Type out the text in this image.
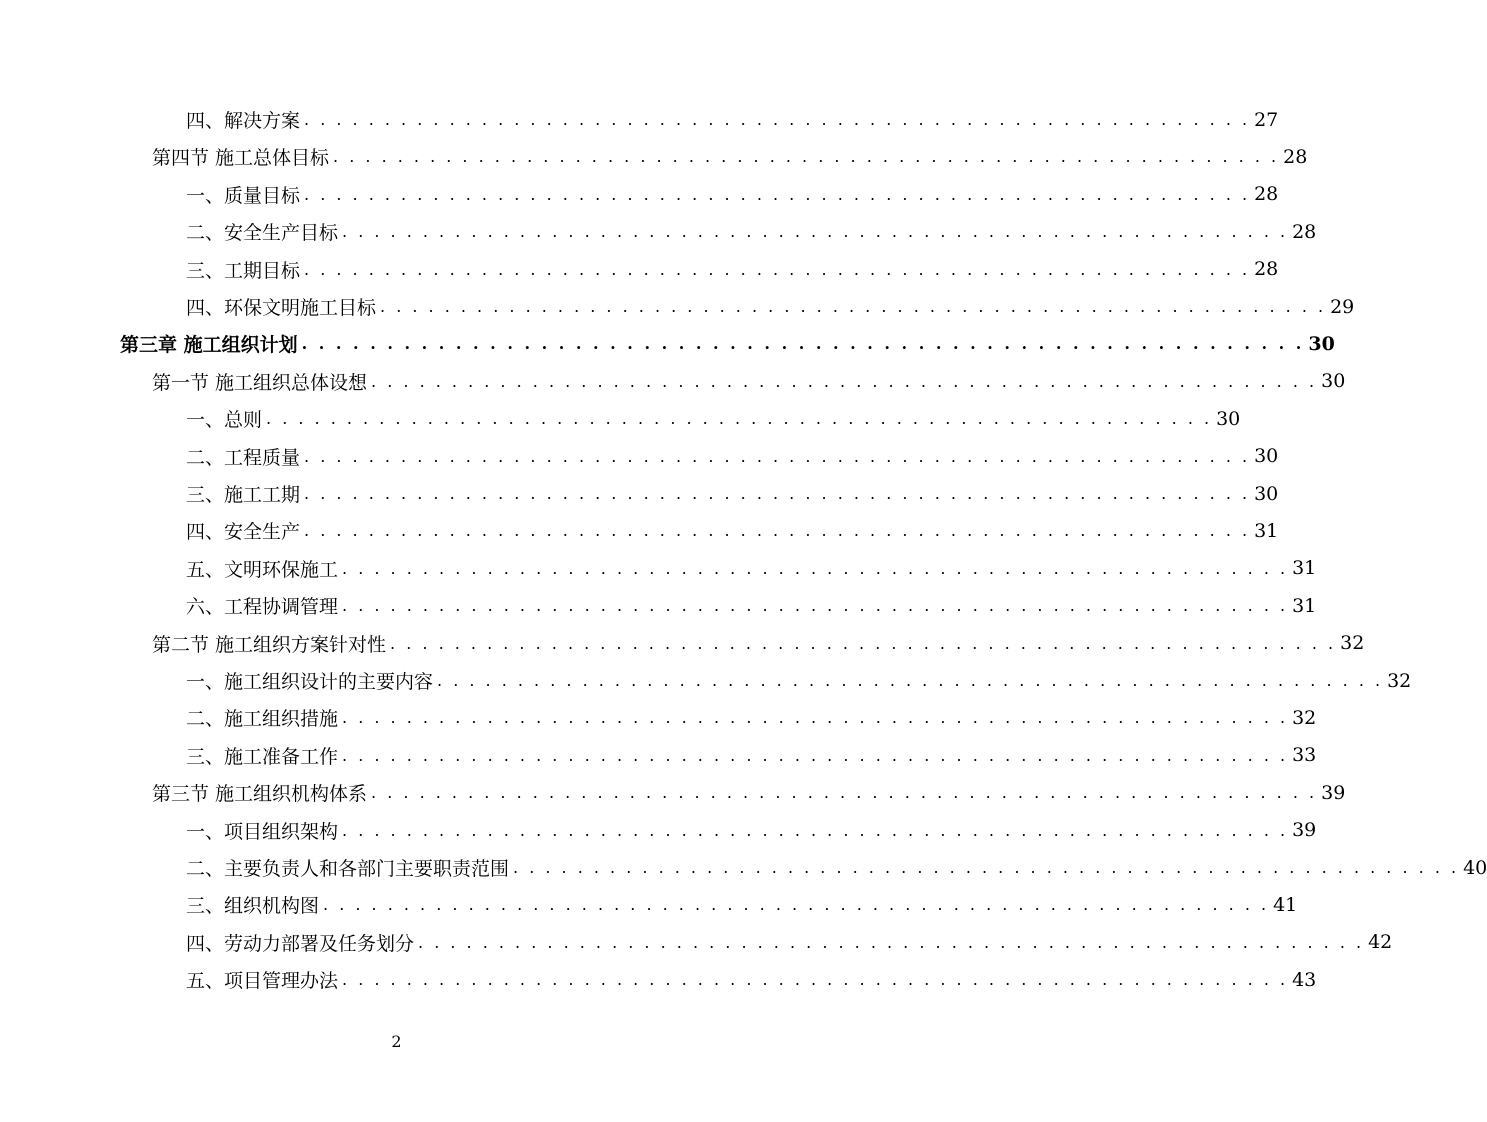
四、解决方案 . . . . . . . . . . . . . . . . . . . . . . . . . . . . . . . . . . . . . . . . . . . . . . . . . . . . . . . . . . . 27
第四节 施工总体目标 . . . . . . . . . . . . . . . . . . . . . . . . . . . . . . . . . . . . . . . . . . . . . . . . . . . . . . . . . . . 28
一、质量目标 . . . . . . . . . . . . . . . . . . . . . . . . . . . . . . . . . . . . . . . . . . . . . . . . . . . . . . . . . . . 28
二、安全生产目标 . . . . . . . . . . . . . . . . . . . . . . . . . . . . . . . . . . . . . . . . . . . . . . . . . . . . . . . . . . . 28
三、工期目标 . . . . . . . . . . . . . . . . . . . . . . . . . . . . . . . . . . . . . . . . . . . . . . . . . . . . . . . . . . . 28
四、环保文明施工目标 . . . . . . . . . . . . . . . . . . . . . . . . . . . . . . . . . . . . . . . . . . . . . . . . . . . . . . . . . . . 29
第三章 施工组织计划 . . . . . . . . . . . . . . . . . . . . . . . . . . . . . . . . . . . . . . . . . . . . . . . . . . . . . . . . . . . 30
第一节 施工组织总体设想 . . . . . . . . . . . . . . . . . . . . . . . . . . . . . . . . . . . . . . . . . . . . . . . . . . . . . . . . . . . 30
一、总则 . . . . . . . . . . . . . . . . . . . . . . . . . . . . . . . . . . . . . . . . . . . . . . . . . . . . . . . . . . . 30
二、工程质量 . . . . . . . . . . . . . . . . . . . . . . . . . . . . . . . . . . . . . . . . . . . . . . . . . . . . . . . . . . . 30
三、施工工期 . . . . . . . . . . . . . . . . . . . . . . . . . . . . . . . . . . . . . . . . . . . . . . . . . . . . . . . . . . . 30
四、安全生产 . . . . . . . . . . . . . . . . . . . . . . . . . . . . . . . . . . . . . . . . . . . . . . . . . . . . . . . . . . . 31
五、文明环保施工 . . . . . . . . . . . . . . . . . . . . . . . . . . . . . . . . . . . . . . . . . . . . . . . . . . . . . . . . . . . 31
六、工程协调管理 . . . . . . . . . . . . . . . . . . . . . . . . . . . . . . . . . . . . . . . . . . . . . . . . . . . . . . . . . . . 31
第二节 施工组织方案针对性 . . . . . . . . . . . . . . . . . . . . . . . . . . . . . . . . . . . . . . . . . . . . . . . . . . . . . . . . . . . 32
一、施工组织设计的主要内容 . . . . . . . . . . . . . . . . . . . . . . . . . . . . . . . . . . . . . . . . . . . . . . . . . . . . . . . . . . . 32
二、施工组织措施 . . . . . . . . . . . . . . . . . . . . . . . . . . . . . . . . . . . . . . . . . . . . . . . . . . . . . . . . . . . 32
三、施工准备工作 . . . . . . . . . . . . . . . . . . . . . . . . . . . . . . . . . . . . . . . . . . . . . . . . . . . . . . . . . . . 33
第三节 施工组织机构体系 . . . . . . . . . . . . . . . . . . . . . . . . . . . . . . . . . . . . . . . . . . . . . . . . . . . . . . . . . . . 39
一、项目组织架构 . . . . . . . . . . . . . . . . . . . . . . . . . . . . . . . . . . . . . . . . . . . . . . . . . . . . . . . . . . . 39
二、主要负责人和各部门主要职责范围 . . . . . . . . . . . . . . . . . . . . . . . . . . . . . . . . . . . . . . . . . . . . . . . . . . . . . . . . . . . 40
三、组织机构图 . . . . . . . . . . . . . . . . . . . . . . . . . . . . . . . . . . . . . . . . . . . . . . . . . . . . . . . . . . . 41
四、劳动力部署及任务划分 . . . . . . . . . . . . . . . . . . . . . . . . . . . . . . . . . . . . . . . . . . . . . . . . . . . . . . . . . . . 42
五、项目管理办法 . . . . . . . . . . . . . . . . . . . . . . . . . . . . . . . . . . . . . . . . . . . . . . . . . . . . . . . . . . . 43
2
